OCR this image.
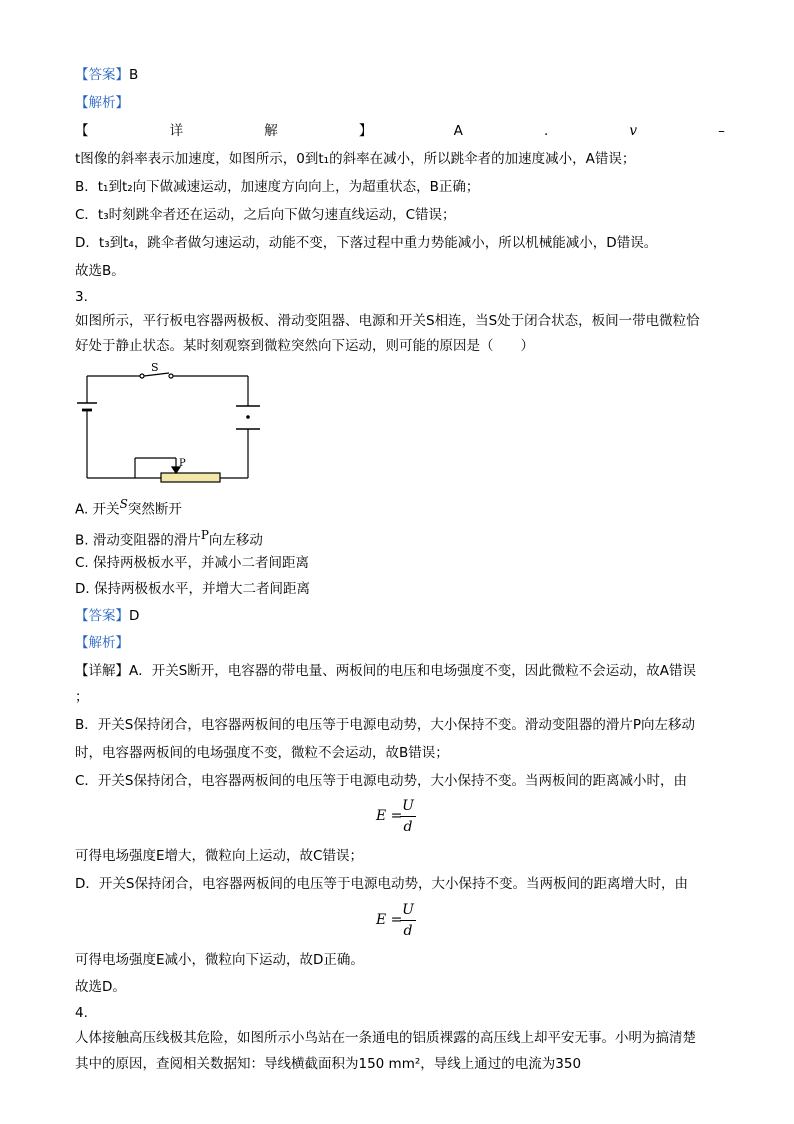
【答案】B
【解析】
【	详	解	】	A	.	v	–
t图像的斜率表示加速度，如图所示，0到t₁的斜率在减小，所以跳伞者的加速度减小，A错误；
B．t₁到t₂向下做减速运动，加速度方向向上，为超重状态，B正确；
C．t₃时刻跳伞者还在运动，之后向下做匀速直线运动，C错误；
D．t₃到t₄，跳伞者做匀速运动，动能不变，下落过程中重力势能减小，所以机械能减小，D错误。
故选B。
3.
如图所示，平行板电容器两极板、滑动变阻器、电源和开关S相连，当S处于闭合状态，板间一带电微粒恰
好处于静止状态。某时刻观察到微粒突然向下运动，则可能的原因是（　　）
S
P
A. 开关$^S$突然断开
B. 滑动变阻器的滑片$^P$向左移动
C. 保持两极板水平，并减小二者间距离
D. 保持两极板水平，并增大二者间距离
【答案】D
【解析】
【详解】A．开关S断开，电容器的带电量、两板间的电压和电场强度不变，因此微粒不会运动，故A错误
；
B．开关S保持闭合，电容器两板间的电压等于电源电动势，大小保持不变。滑动变阻器的滑片P向左移动
时，电容器两板间的电场强度不变，微粒不会运动，故B错误；
C．开关S保持闭合，电容器两板间的电压等于电源电动势，大小保持不变。当两板间的距离减小时，由
E =
U
d
可得电场强度E增大，微粒向上运动，故C错误；
D．开关S保持闭合，电容器两板间的电压等于电源电动势，大小保持不变。当两板间的距离增大时，由
E =
U
d
可得电场强度E减小，微粒向下运动，故D正确。
故选D。
4.
人体接触高压线极其危险，如图所示小鸟站在一条通电的铝质裸露的高压线上却平安无事。小明为搞清楚
其中的原因，查阅相关数据知：导线横截面积为150 mm²，导线上通过的电流为350
